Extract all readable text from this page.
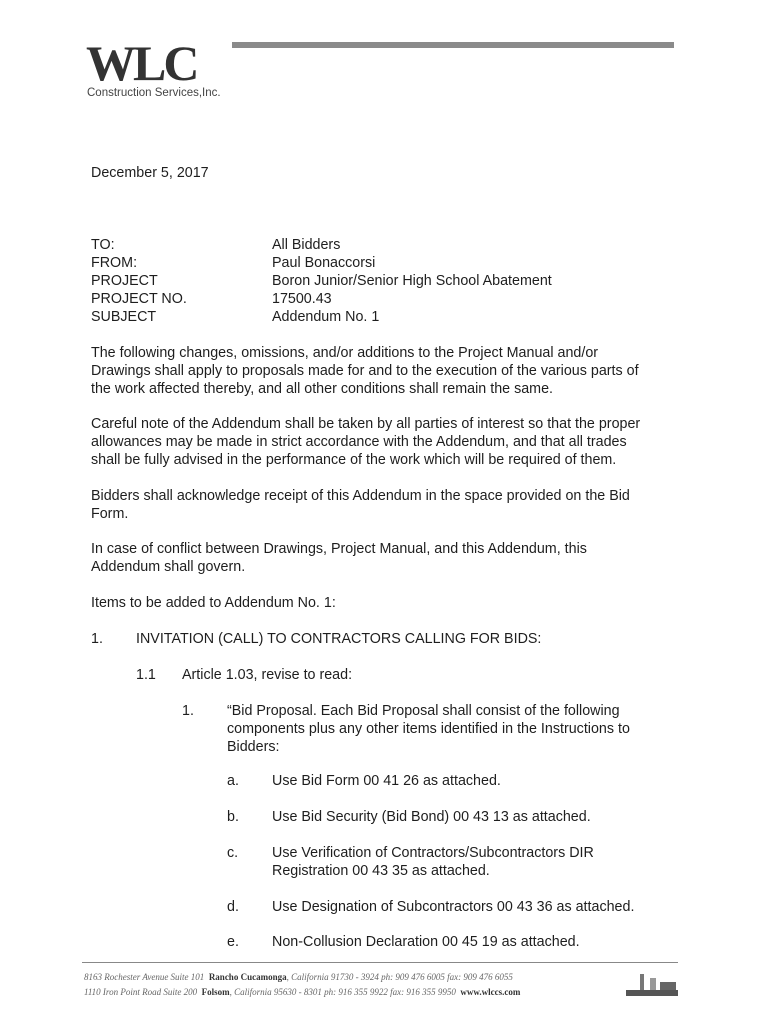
WLC
Construction Services,Inc.
December 5, 2017
TO:	All Bidders
FROM:	Paul Bonaccorsi
PROJECT	Boron Junior/Senior High School Abatement
PROJECT NO.	17500.43
SUBJECT	Addendum No. 1
The following changes, omissions, and/or additions to the Project Manual and/or
Drawings shall apply to proposals made for and to the execution of the various parts of
the work affected thereby, and all other conditions shall remain the same.
Careful note of the Addendum shall be taken by all parties of interest so that the proper
allowances may be made in strict accordance with the Addendum, and that all trades
shall be fully advised in the performance of the work which will be required of them.
Bidders shall acknowledge receipt of this Addendum in the space provided on the Bid
Form.
In case of conflict between Drawings, Project Manual, and this Addendum, this
Addendum shall govern.
Items to be added to Addendum No. 1:
1. INVITATION (CALL) TO CONTRACTORS CALLING FOR BIDS:
1.1 Article 1.03, revise to read:
1. “Bid Proposal. Each Bid Proposal shall consist of the following
components plus any other items identified in the Instructions to
Bidders:
a. Use Bid Form 00 41 26 as attached.
b. Use Bid Security (Bid Bond) 00 43 13 as attached.
c. Use Verification of Contractors/Subcontractors DIR
Registration 00 43 35 as attached.
d. Use Designation of Subcontractors 00 43 36 as attached.
e. Non-Collusion Declaration 00 45 19 as attached.
8163 Rochester Avenue Suite 101 Rancho Cucamonga, California 91730 - 3924 ph: 909 476 6005 fax: 909 476 6055
1110 Iron Point Road Suite 200 Folsom, California 95630 - 8301 ph: 916 355 9922 fax: 916 355 9950 www.wlccs.com
